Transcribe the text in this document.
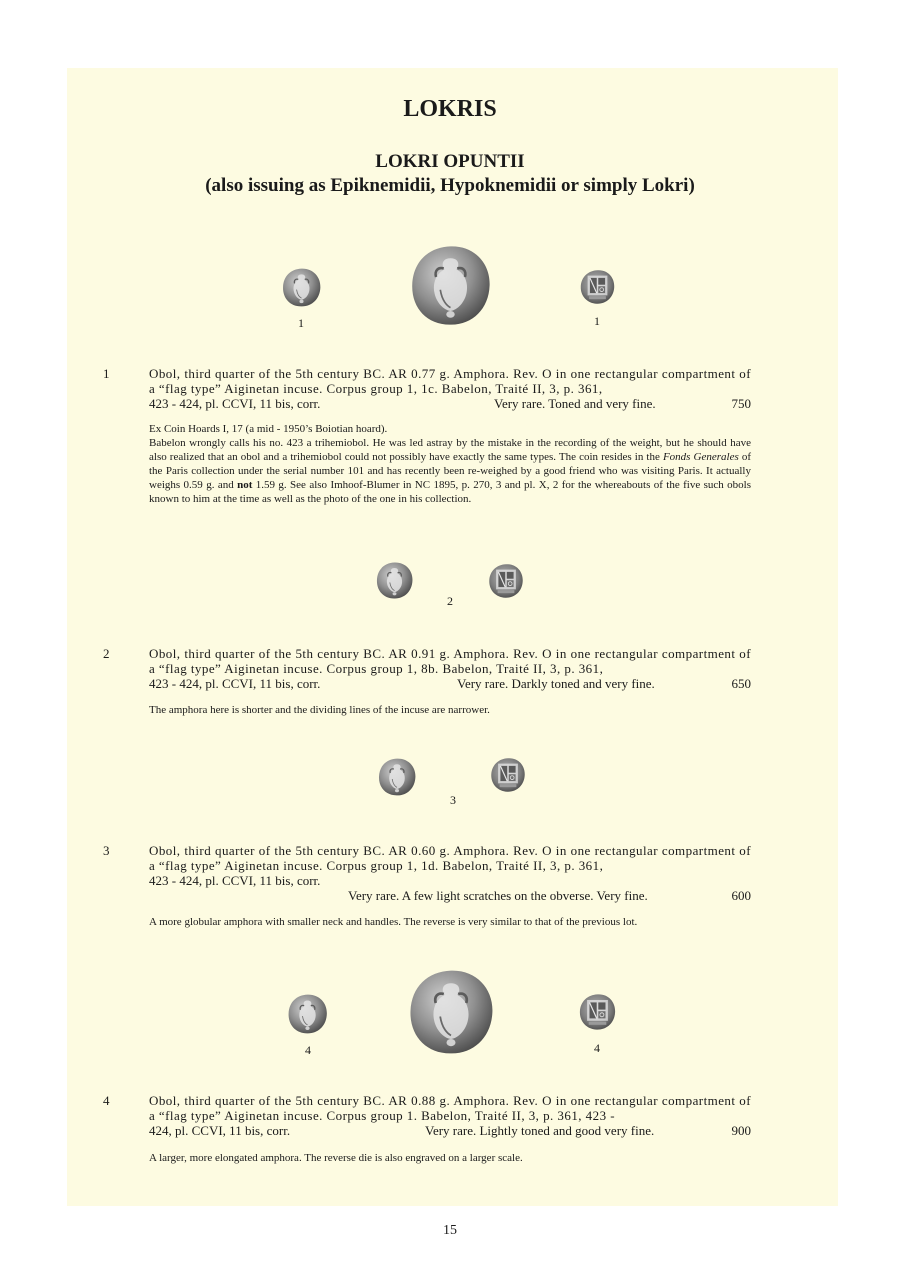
LOKRIS
LOKRI OPUNTII
(also issuing as Epiknemidii, Hypoknemidii or simply Lokri)
1	1
1	Obol, third quarter of the 5th century BC. AR 0.77 g. Amphora. Rev. O in one rectangular compartment of a “flag type” Aiginetan incuse. Corpus group 1, 1c. Babelon, Traité II, 3, p. 361,
423 - 424, pl. CCVI, 11 bis, corr.	Very rare. Toned and very fine.	750
Ex Coin Hoards I, 17 (a mid - 1950’s Boiotian hoard).
Babelon wrongly calls his no. 423 a trihemiobol. He was led astray by the mistake in the recording of the weight, but he should have also realized that an obol and a trihemiobol could not possibly have exactly the same types. The coin resides in the Fonds Generales of the Paris collection under the serial number 101 and has recently been re-weighed by a good friend who was visiting Paris. It actually weighs 0.59 g. and not 1.59 g. See also Imhoof-Blumer in NC 1895, p. 270, 3 and pl. X, 2 for the whereabouts of the five such obols known to him at the time as well as the photo of the one in his collection.
2
2	Obol, third quarter of the 5th century BC. AR 0.91 g. Amphora. Rev. O in one rectangular compartment of a “flag type” Aiginetan incuse. Corpus group 1, 8b. Babelon, Traité II, 3, p. 361,
423 - 424, pl. CCVI, 11 bis, corr.	Very rare. Darkly toned and very fine.	650
The amphora here is shorter and the dividing lines of the incuse are narrower.
3
3	Obol, third quarter of the 5th century BC. AR 0.60 g. Amphora. Rev. O in one rectangular compartment of a “flag type” Aiginetan incuse. Corpus group 1, 1d. Babelon, Traité II, 3, p. 361,
423 - 424, pl. CCVI, 11 bis, corr.
Very rare. A few light scratches on the obverse. Very fine.	600
A more globular amphora with smaller neck and handles. The reverse is very similar to that of the previous lot.
4	4
4	Obol, third quarter of the 5th century BC. AR 0.88 g. Amphora. Rev. O in one rectangular compartment of a “flag type” Aiginetan incuse. Corpus group 1. Babelon, Traité II, 3, p. 361, 423 -
424, pl. CCVI, 11 bis, corr.	Very rare. Lightly toned and good very fine.	900
A larger, more elongated amphora. The reverse die is also engraved on a larger scale.
15
